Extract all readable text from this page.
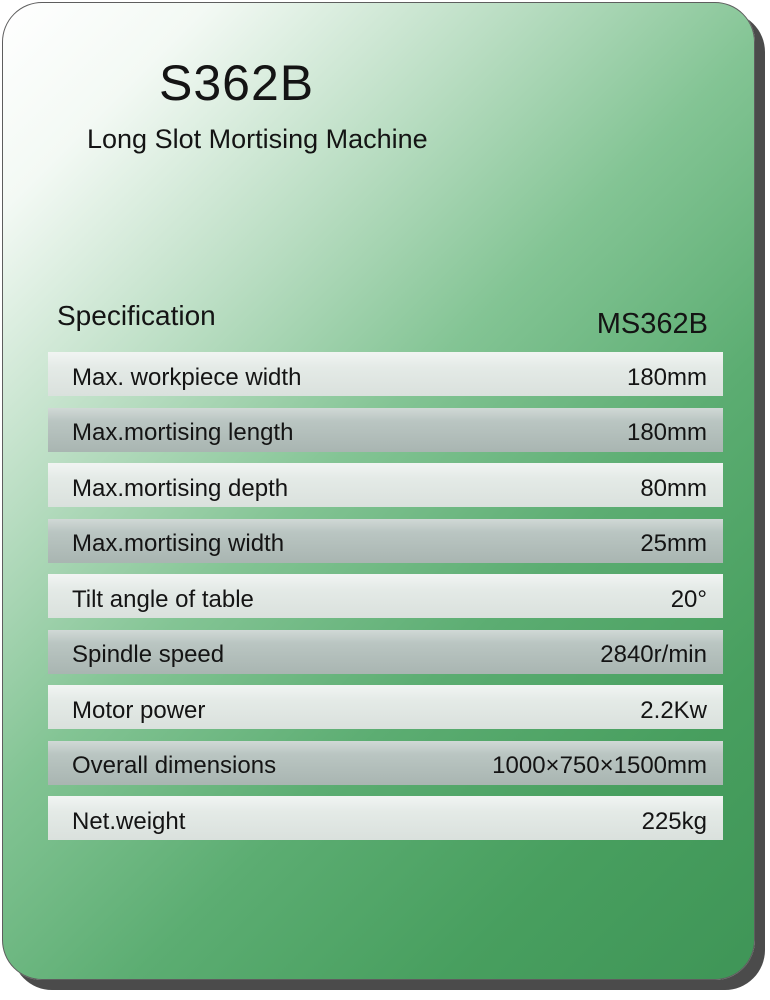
S362B
Long Slot Mortising Machine
Specification	MS362B
Max. workpiece width	180mm
Max.mortising length	180mm
Max.mortising depth	80mm
Max.mortising width	25mm
Tilt angle of table	20°
Spindle speed	2840r/min
Motor power	2.2Kw
Overall dimensions	1000×750×1500mm
Net.weight	225kg
